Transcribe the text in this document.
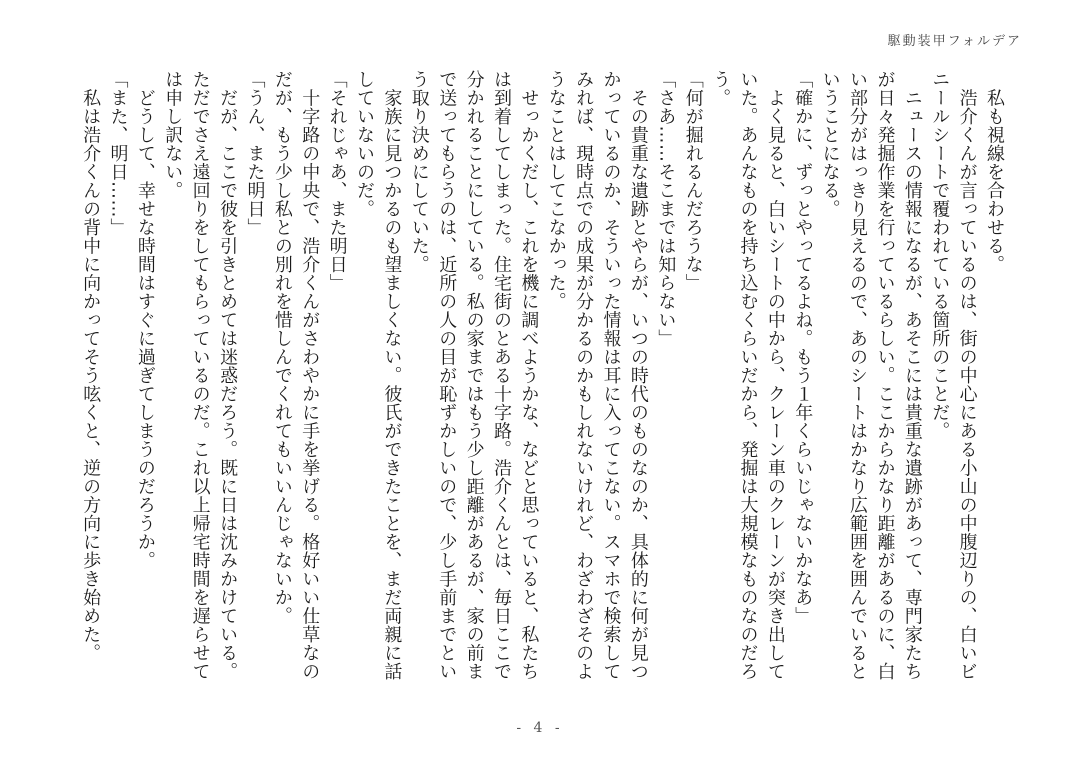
駆動装甲フォルデア
　私も視線を合わせる。
　浩介くんが言っているのは、街の中心にある小山の中腹辺りの、白いビ
ニールシートで覆われている箇所のことだ。
　ニュースの情報になるが、あそこには貴重な遺跡があって、専門家たち
が日々発掘作業を行っているらしい。ここからかなり距離があるのに、白
い部分がはっきり見えるので、あのシートはかなり広範囲を囲んでいると
いうことになる。
「確かに、ずっとやってるよね。もう１年くらいじゃないかなあ」
　よく見ると、白いシートの中から、クレーン車のクレーンが突き出して
いた。あんなものを持ち込むくらいだから、発掘は大規模なものなのだろ
う。
「何が掘れるんだろうな」
「さあ……そこまでは知らない」
　その貴重な遺跡とやらが、いつの時代のものなのか、具体的に何が見つ
かっているのか、そういった情報は耳に入ってこない。スマホで検索して
みれば、現時点での成果が分かるのかもしれないけれど、わざわざそのよ
うなことはしてこなかった。
　せっかくだし、これを機に調べようかな、などと思っていると、私たち
は到着してしまった。住宅街のとある十字路。浩介くんとは、毎日ここで
分かれることにしている。私の家まではもう少し距離があるが、家の前ま
で送ってもらうのは、近所の人の目が恥ずかしいので、少し手前までとい
う取り決めにしていた。
　家族に見つかるのも望ましくない。彼氏ができたことを、まだ両親に話
していないのだ。
「それじゃあ、また明日」
　十字路の中央で、浩介くんがさわやかに手を挙げる。格好いい仕草なの
だが、もう少し私との別れを惜しんでくれてもいいんじゃないか。
「うん、また明日」
　だが、ここで彼を引きとめては迷惑だろう。既に日は沈みかけている。
ただでさえ遠回りをしてもらっているのだ。これ以上帰宅時間を遅らせて
は申し訳ない。
　どうして、幸せな時間はすぐに過ぎてしまうのだろうか。
「また、明日……」
　私は浩介くんの背中に向かってそう呟くと、逆の方向に歩き始めた。
- 4 -
